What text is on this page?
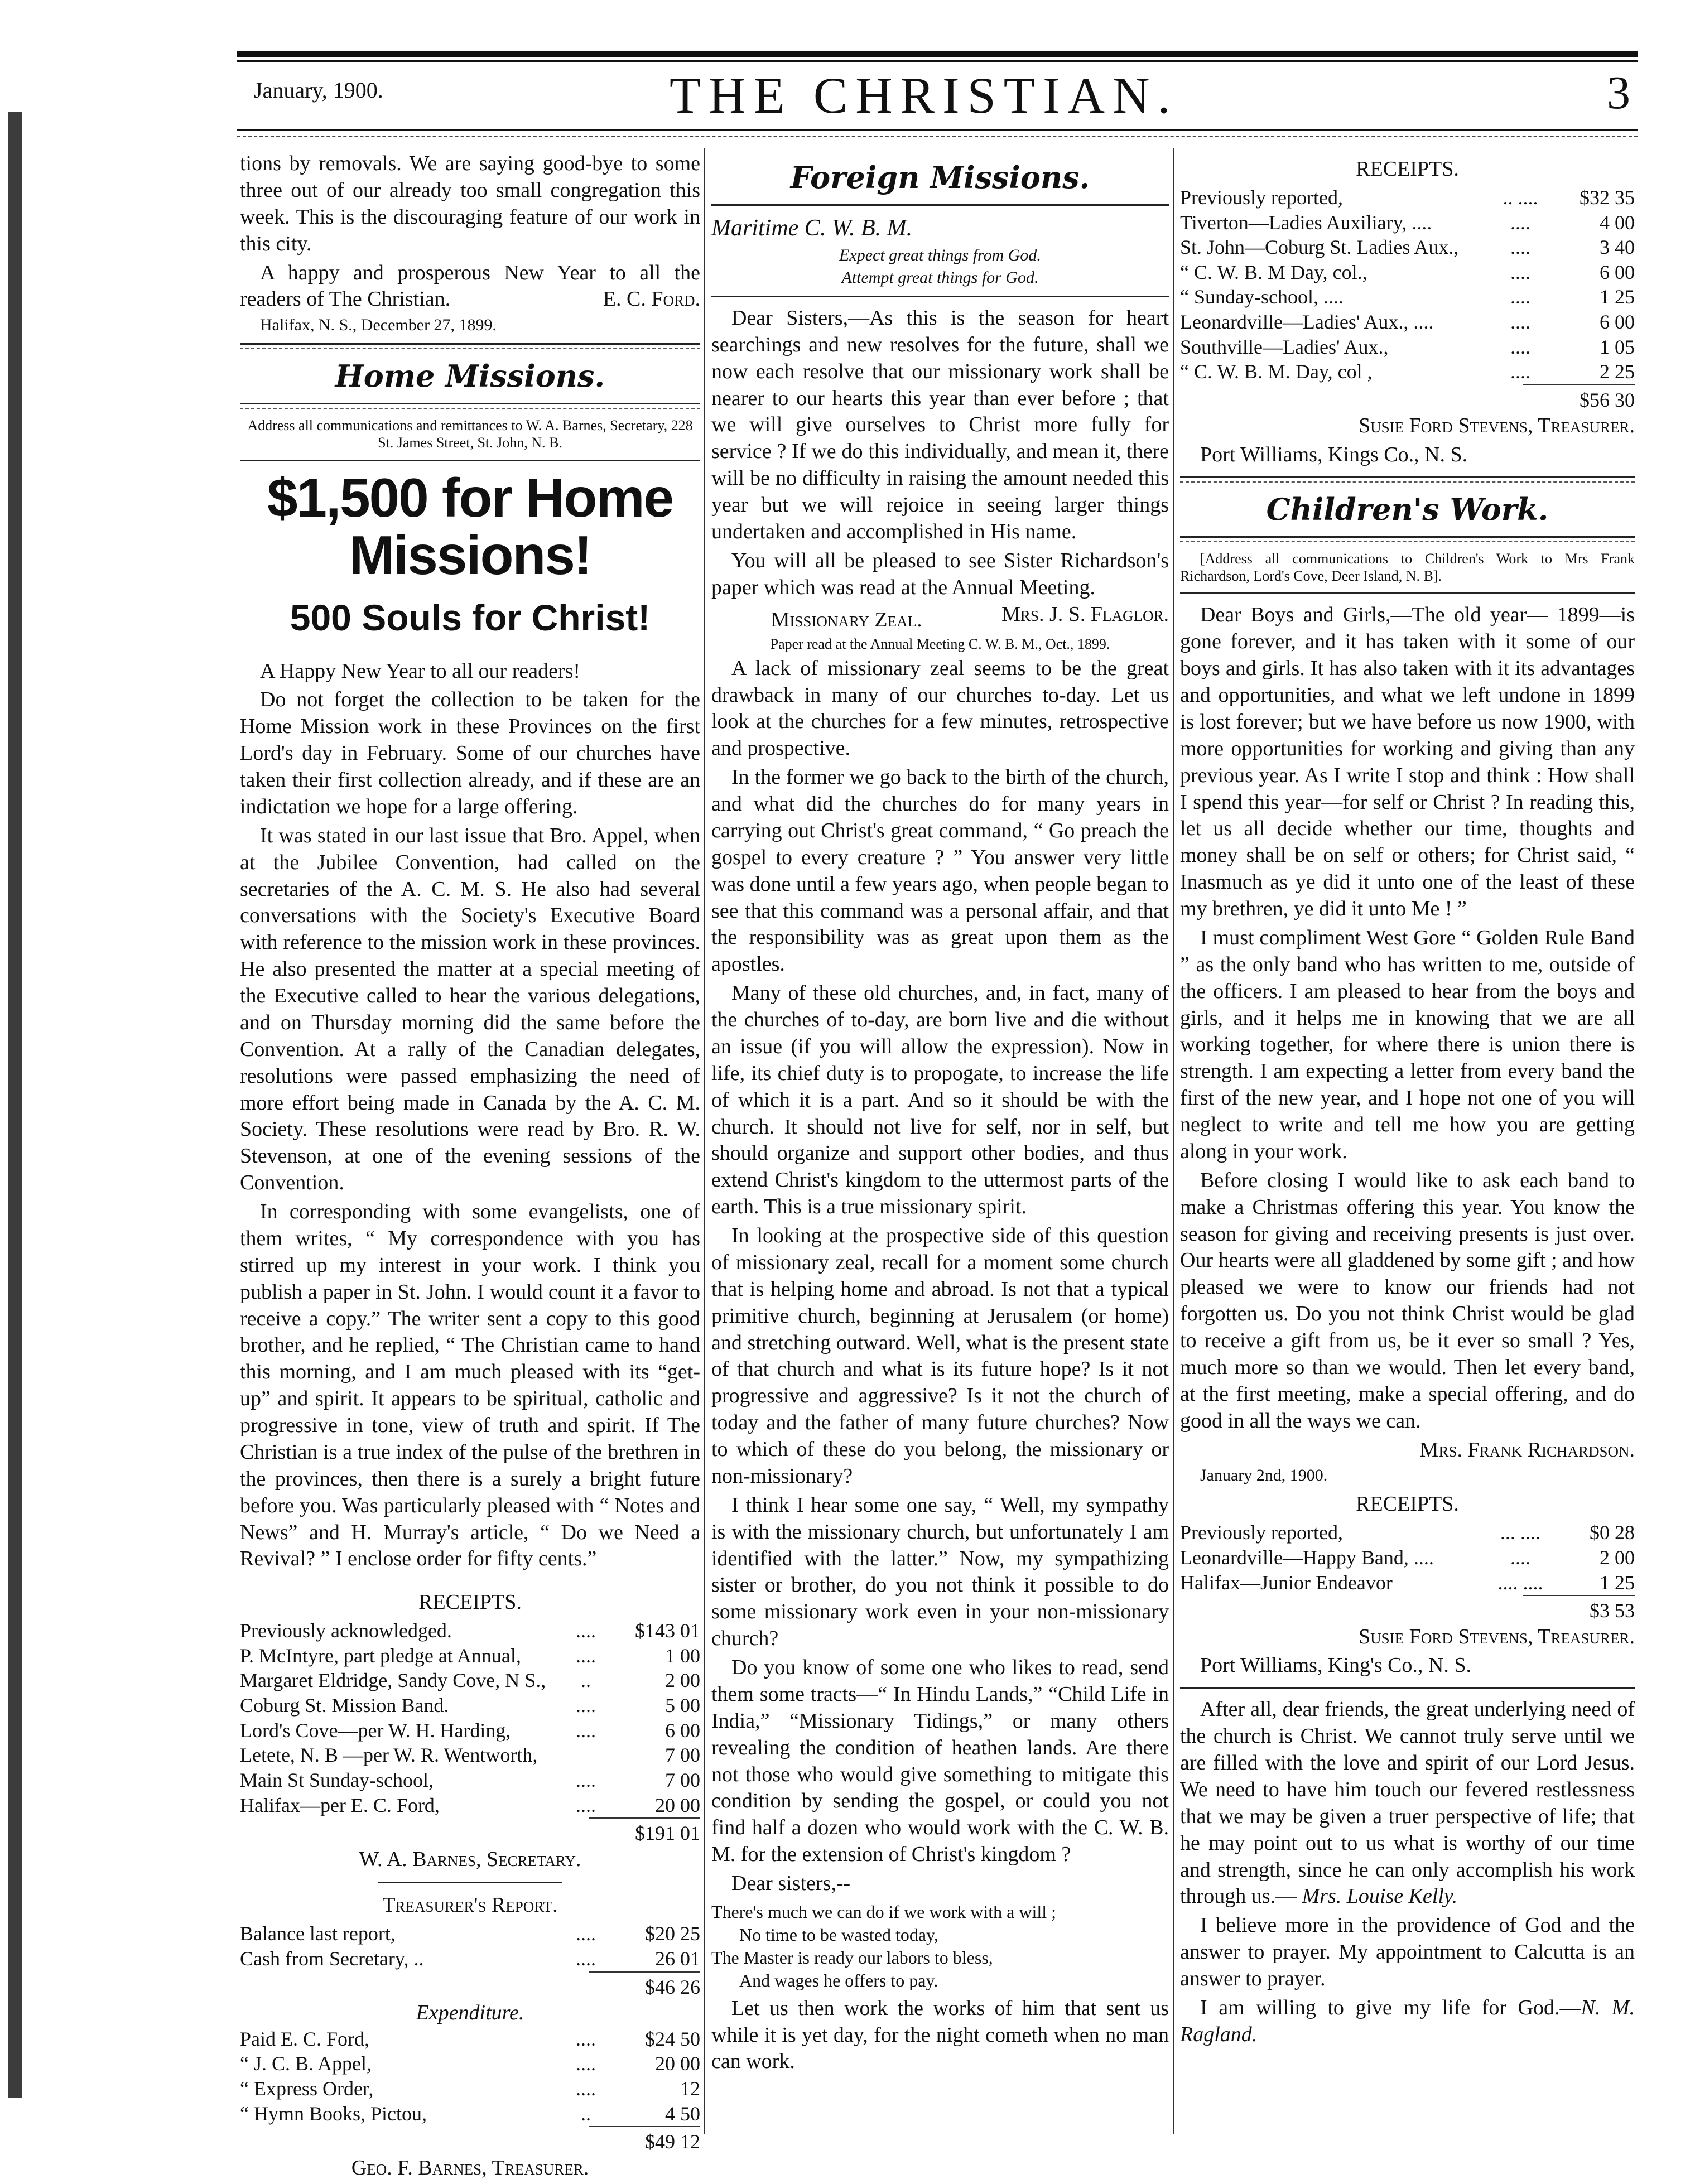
January, 1900.	THE CHRISTIAN.	3

tions by removals. We are saying good-bye to some three out of our already too small congregation this week. This is the discouraging feature of our work in this city.

A happy and prosperous New Year to all the readers of The Christian.	E. C. Ford.

Halifax, N. S., December 27, 1899.

Home Missions.

Address all communications and remittances to W. A. Barnes, Secretary, 228 St. James Street, St. John, N. B.

$1,500 for Home Missions!
500 Souls for Christ!

A Happy New Year to all our readers!

Do not forget the collection to be taken for the Home Mission work in these Provinces on the first Lord's day in February. Some of our churches have taken their first collection already, and if these are an indictation we hope for a large offering.

It was stated in our last issue that Bro. Appel, when at the Jubilee Convention, had called on the secretaries of the A. C. M. S. He also had several conversations with the Society's Executive Board with reference to the mission work in these provinces. He also presented the matter at a special meeting of the Executive called to hear the various delegations, and on Thursday morning did the same before the Convention. At a rally of the Canadian delegates, resolutions were passed emphasizing the need of more effort being made in Canada by the A. C. M. Society. These resolutions were read by Bro. R. W. Stevenson, at one of the evening sessions of the Convention.

In corresponding with some evangelists, one of them writes, “ My correspondence with you has stirred up my interest in your work. I think you publish a paper in St. John. I would count it a favor to receive a copy.” The writer sent a copy to this good brother, and he replied, “ The Christian came to hand this morning, and I am much pleased with its “get-up” and spirit. It appears to be spiritual, catholic and progressive in tone, view of truth and spirit. If The Christian is a true index of the pulse of the brethren in the provinces, then there is a surely a bright future before you. Was particularly pleased with “ Notes and News” and H. Murray's article, “ Do we Need a Revival? ” I enclose order for fifty cents.”

RECEIPTS.
Previously acknowledged.	....	$143 01
P. McIntyre, part pledge at Annual,	....	1 00
Margaret Eldridge, Sandy Cove, N S.,	..	2 00
Coburg St. Mission Band.	....	5 00
Lord's Cove—per W. H. Harding,	....	6 00
Letete, N. B —per W. R. Wentworth,	7 00
Main St Sunday-school,	....	7 00
Halifax—per E. C. Ford,	....	20 00
$191 01

W. A. Barnes, Secretary.

Treasurer's Report.
Balance last report,	....	$20 25
Cash from Secretary, ..	....	26 01
$46 26
Expenditure.
Paid E. C. Ford,	....	$24 50
“ J. C. B. Appel,	....	20 00
“ Express Order,	....	12
“ Hymn Books, Pictou,	..	4 50
$49 12

Geo. F. Barnes, Treasurer.

Foreign Missions.

Maritime C. W. B. M.

Expect great things from God.

Attempt great things for God.

Dear Sisters,—As this is the season for heart searchings and new resolves for the future, shall we now each resolve that our missionary work shall be nearer to our hearts this year than ever before ; that we will give ourselves to Christ more fully for service ? If we do this individually, and mean it, there will be no difficulty in raising the amount needed this year but we will rejoice in seeing larger things undertaken and accomplished in His name.

You will all be pleased to see Sister Richardson's paper which was read at the Annual Meeting.
Mrs. J. S. Flaglor.

Missionary Zeal.

Paper read at the Annual Meeting C. W. B. M., Oct., 1899.

A lack of missionary zeal seems to be the great drawback in many of our churches to-day. Let us look at the churches for a few minutes, retrospective and prospective.

In the former we go back to the birth of the church, and what did the churches do for many years in carrying out Christ's great command, “ Go preach the gospel to every creature ? ” You answer very little was done until a few years ago, when people began to see that this command was a personal affair, and that the responsibility was as great upon them as the apostles.

Many of these old churches, and, in fact, many of the churches of to-day, are born live and die without an issue (if you will allow the expression). Now in life, its chief duty is to propogate, to increase the life of which it is a part. And so it should be with the church. It should not live for self, nor in self, but should organize and support other bodies, and thus extend Christ's kingdom to the uttermost parts of the earth. This is a true missionary spirit.

In looking at the prospective side of this question of missionary zeal, recall for a moment some church that is helping home and abroad. Is not that a typical primitive church, beginning at Jerusalem (or home) and stretching outward. Well, what is the present state of that church and what is its future hope? Is it not progressive and aggressive? Is it not the church of today and the father of many future churches? Now to which of these do you belong, the missionary or non-missionary?

I think I hear some one say, “ Well, my sympathy is with the missionary church, but unfortunately I am identified with the latter.” Now, my sympathizing sister or brother, do you not think it possible to do some missionary work even in your non-missionary church?

Do you know of some one who likes to read, send them some tracts—“ In Hindu Lands,” “Child Life in India,” “Missionary Tidings,” or many others revealing the condition of heathen lands. Are there not those who would give something to mitigate this condition by sending the gospel, or could you not find half a dozen who would work with the C. W. B. M. for the extension of Christ's kingdom ?

Dear sisters,--

There's much we can do if we work with a will ;
No time to be wasted today,
The Master is ready our labors to bless,
And wages he offers to pay.

Let us then work the works of him that sent us while it is yet day, for the night cometh when no man can work.

RECEIPTS.
Previously reported,	.. ....	$32 35
Tiverton—Ladies Auxiliary, ....	....	4 00
St. John—Coburg St. Ladies Aux.,	....	3 40
“ C. W. B. M Day, col.,	....	6 00
“ Sunday-school, ....	....	1 25
Leonardville—Ladies' Aux., ....	....	6 00
Southville—Ladies' Aux.,	....	1 05
“ C. W. B. M. Day, col ,	....	2 25
$56 30

Susie Ford Stevens, Treasurer.

Port Williams, Kings Co., N. S.

Children's Work.

[Address all communications to Children's Work to Mrs Frank Richardson, Lord's Cove, Deer Island, N. B].

Dear Boys and Girls,—The old year— 1899—is gone forever, and it has taken with it some of our boys and girls. It has also taken with it its advantages and opportunities, and what we left undone in 1899 is lost forever; but we have before us now 1900, with more opportunities for working and giving than any previous year. As I write I stop and think : How shall I spend this year—for self or Christ ? In reading this, let us all decide whether our time, thoughts and money shall be on self or others; for Christ said, “ Inasmuch as ye did it unto one of the least of these my brethren, ye did it unto Me ! ”

I must compliment West Gore “ Golden Rule Band ” as the only band who has written to me, outside of the officers. I am pleased to hear from the boys and girls, and it helps me in knowing that we are all working together, for where there is union there is strength. I am expecting a letter from every band the first of the new year, and I hope not one of you will neglect to write and tell me how you are getting along in your work.

Before closing I would like to ask each band to make a Christmas offering this year. You know the season for giving and receiving presents is just over. Our hearts were all gladdened by some gift ; and how pleased we were to know our friends had not forgotten us. Do you not think Christ would be glad to receive a gift from us, be it ever so small ? Yes, much more so than we would. Then let every band, at the first meeting, make a special offering, and do good in all the ways we can.

Mrs. Frank Richardson.

January 2nd, 1900.

RECEIPTS.
Previously reported,	... ....	$0 28
Leonardville—Happy Band, ....	....	2 00
Halifax—Junior Endeavor	.... ....	1 25
$3 53

Susie Ford Stevens, Treasurer.

Port Williams, King's Co., N. S.

After all, dear friends, the great underlying need of the church is Christ. We cannot truly serve until we are filled with the love and spirit of our Lord Jesus. We need to have him touch our fevered restlessness that we may be given a truer perspective of life; that he may point out to us what is worthy of our time and strength, since he can only accomplish his work through us.— Mrs. Louise Kelly.

I believe more in the providence of God and the answer to prayer. My appointment to Calcutta is an answer to prayer.

I am willing to give my life for God.—N. M. Ragland.
